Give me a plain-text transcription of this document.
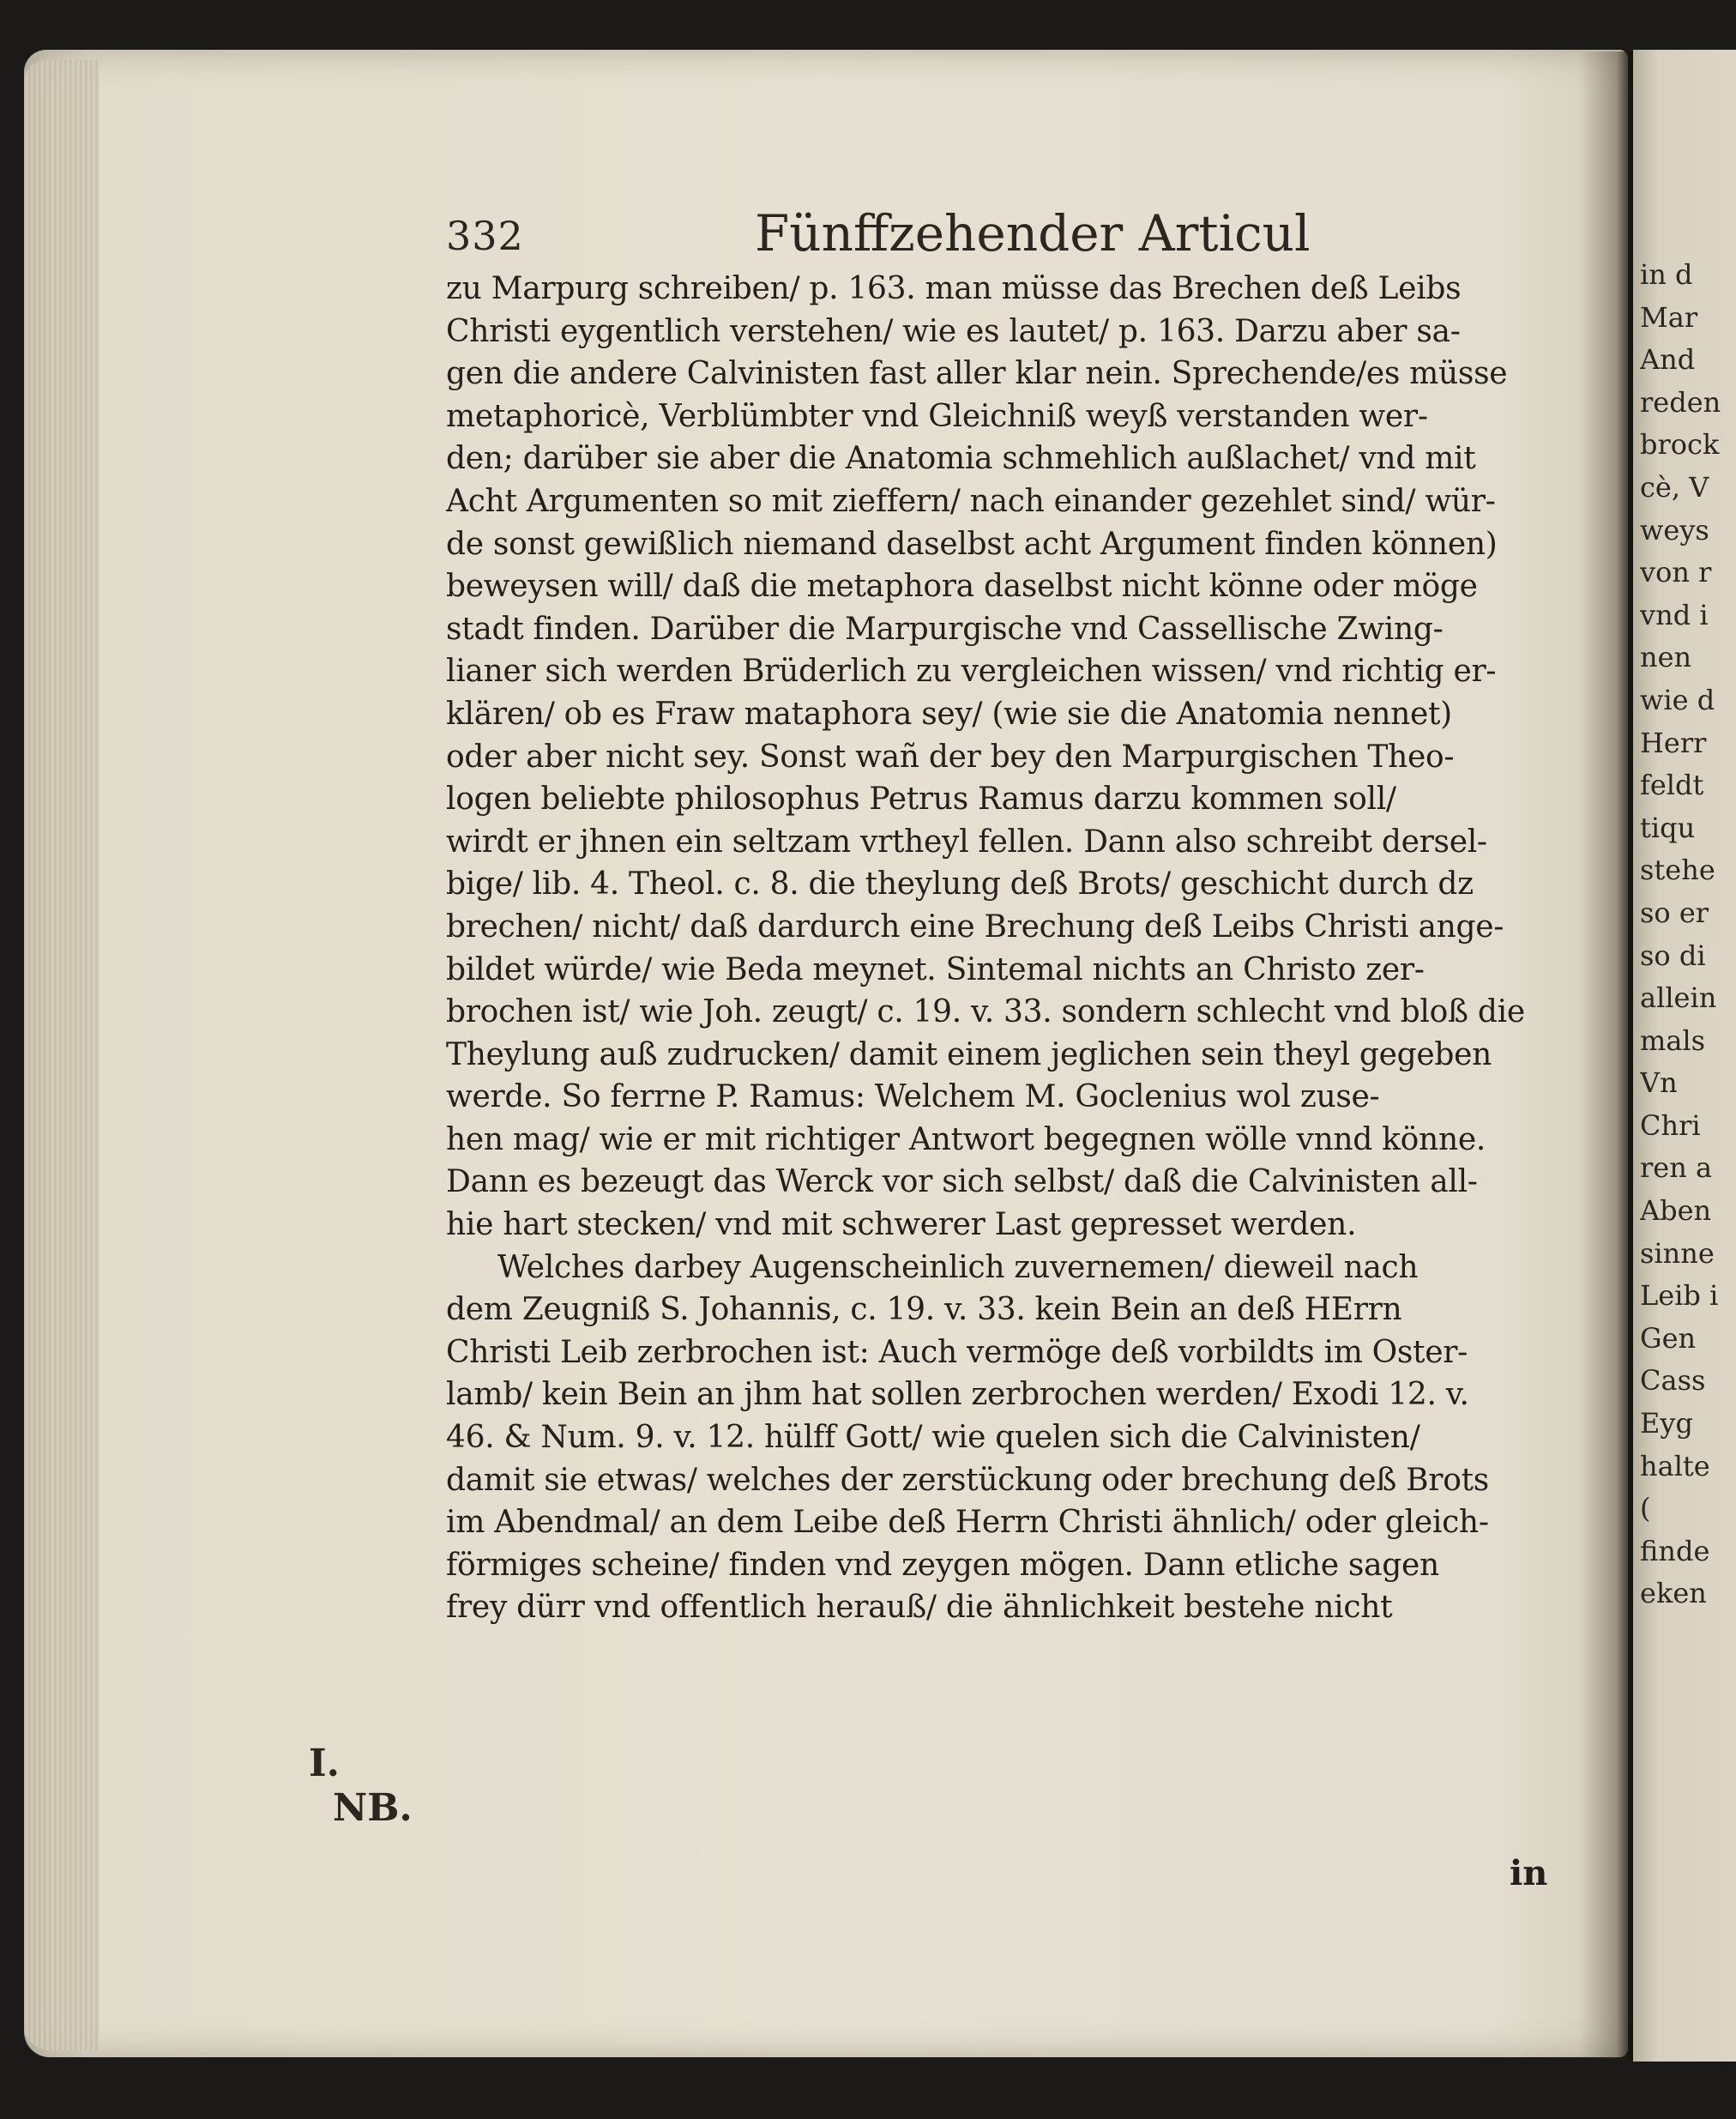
332	Fünffzehender Articul
zu Marpurg schreiben/ p. 163. man müsse das Brechen deß Leibs
Christi eygentlich verstehen/ wie es lautet/ p. 163. Darzu aber sa-
gen die andere Calvinisten fast aller klar nein. Sprechende/es müsse
metaphoricè, Verblümbter vnd Gleichniß weyß verstanden wer-
den; darüber sie aber die Anatomia schmehlich außlachet/ vnd mit
Acht Argumenten so mit zieffern/ nach einander gezehlet sind/ wür-
de sonst gewißlich niemand daselbst acht Argument finden können)
beweysen will/ daß die metaphora daselbst nicht könne oder möge
stadt finden. Darüber die Marpurgische vnd Cassellische Zwing-
lianer sich werden Brüderlich zu vergleichen wissen/ vnd richtig er-
klären/ ob es Fraw mataphora sey/ (wie sie die Anatomia nennet)
oder aber nicht sey. Sonst wañ der bey den Marpurgischen Theo-
logen beliebte philosophus Petrus Ramus darzu kommen soll/
wirdt er jhnen ein seltzam vrtheyl fellen. Dann also schreibt dersel-
bige/ lib. 4. Theol. c. 8. die theylung deß Brots/ geschicht durch dz
brechen/ nicht/ daß dardurch eine Brechung deß Leibs Christi ange-
bildet würde/ wie Beda meynet. Sintemal nichts an Christo zer-
brochen ist/ wie Joh. zeugt/ c. 19. v. 33. sondern schlecht vnd bloß die
Theylung auß zudrucken/ damit einem jeglichen sein theyl gegeben
werde. So ferrne P. Ramus: Welchem M. Goclenius wol zuse-
hen mag/ wie er mit richtiger Antwort begegnen wölle vnnd könne.
Dann es bezeugt das Werck vor sich selbst/ daß die Calvinisten all-
hie hart stecken/ vnd mit schwerer Last gepresset werden.
Welches darbey Augenscheinlich zuvernemen/ dieweil nach
dem Zeugniß S. Johannis, c. 19. v. 33. kein Bein an deß HErrn
Christi Leib zerbrochen ist: Auch vermöge deß vorbildts im Oster-
lamb/ kein Bein an jhm hat sollen zerbrochen werden/ Exodi 12. v.
46. & Num. 9. v. 12. hülff Gott/ wie quelen sich die Calvinisten/
damit sie etwas/ welches der zerstückung oder brechung deß Brots
im Abendmal/ an dem Leibe deß Herrn Christi ähnlich/ oder gleich-
förmiges scheine/ finden vnd zeygen mögen. Dann etliche sagen
frey dürr vnd offentlich herauß/ die ähnlichkeit bestehe nicht
I.
NB.
in
in d
Mar
And
reden
brock
cè, V
weys
von r
vnd i
nen
wie d
Herr
feldt
tiqu
stehe
so er
so di
allein
mals
Vn
Chri
ren a
Aben
sinne
Leib i
Gen
Cass
Eyg
halte
(
finde
eken
